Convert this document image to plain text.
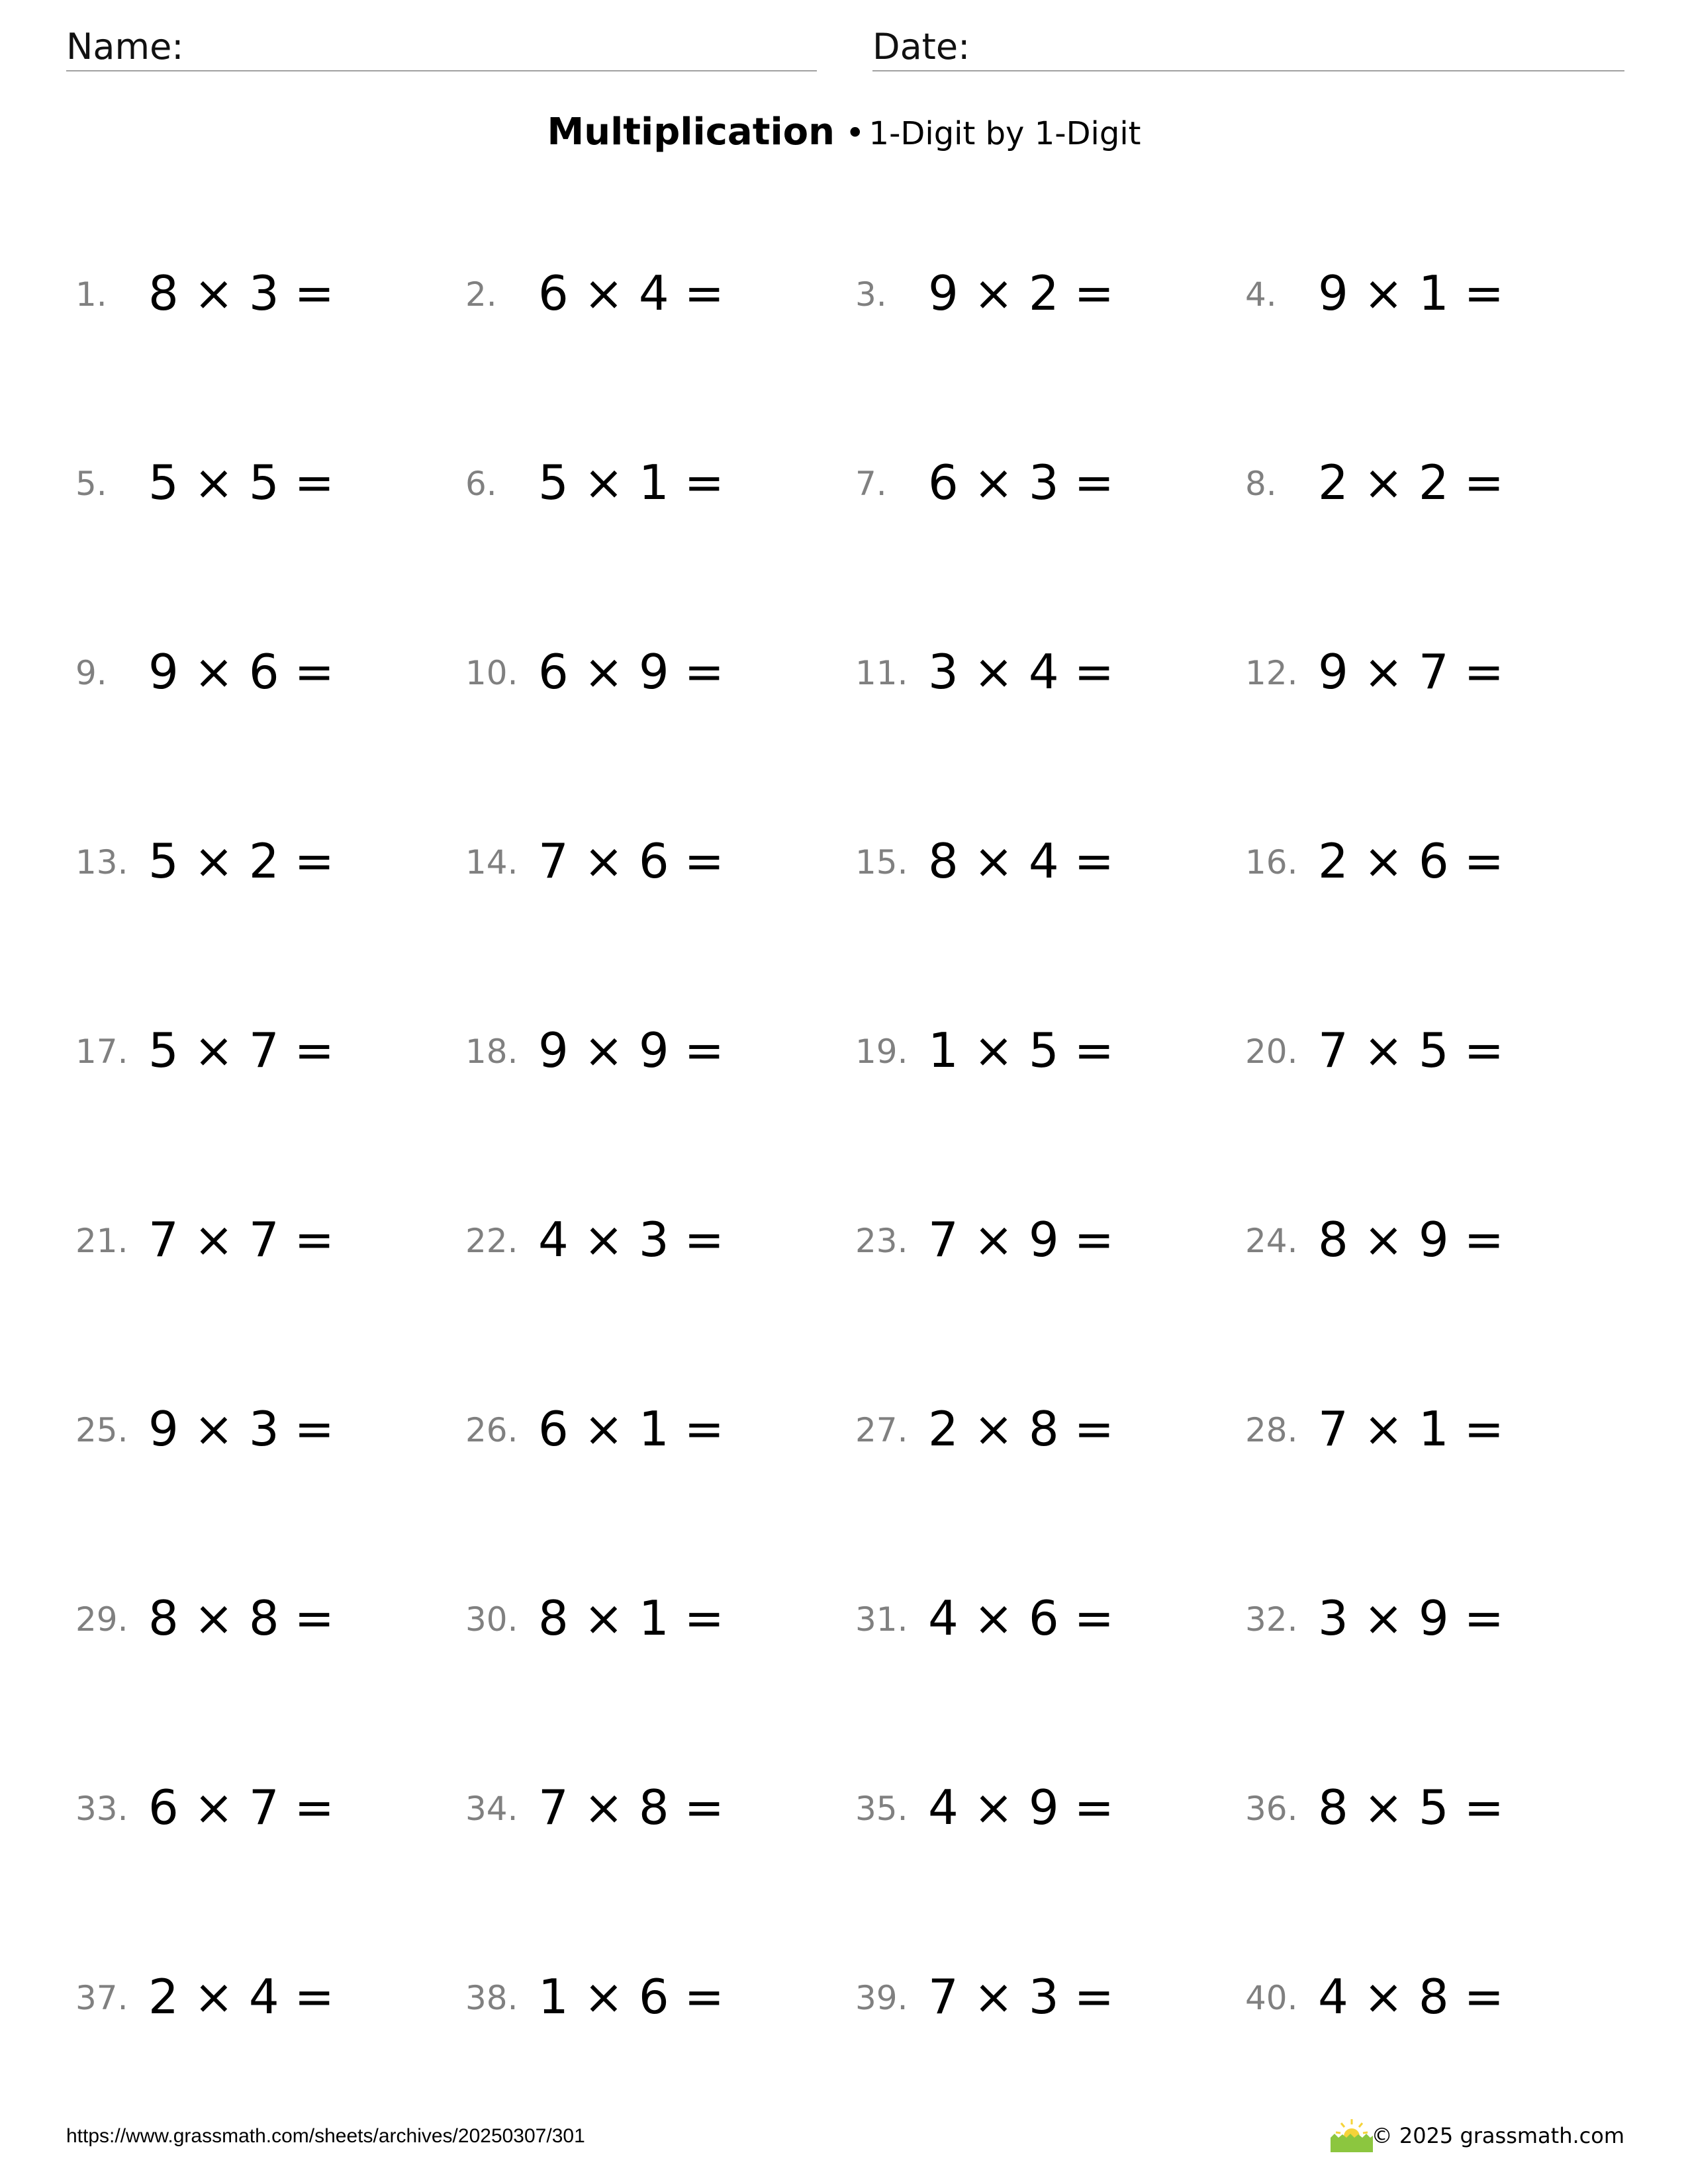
Name:	Date:
Multiplication • 1-Digit by 1-Digit
1. 8 × 3 =	2. 6 × 4 =	3. 9 × 2 =	4. 9 × 1 =
5. 5 × 5 =	6. 5 × 1 =	7. 6 × 3 =	8. 2 × 2 =
9. 9 × 6 =	10. 6 × 9 =	11. 3 × 4 =	12. 9 × 7 =
13. 5 × 2 =	14. 7 × 6 =	15. 8 × 4 =	16. 2 × 6 =
17. 5 × 7 =	18. 9 × 9 =	19. 1 × 5 =	20. 7 × 5 =
21. 7 × 7 =	22. 4 × 3 =	23. 7 × 9 =	24. 8 × 9 =
25. 9 × 3 =	26. 6 × 1 =	27. 2 × 8 =	28. 7 × 1 =
29. 8 × 8 =	30. 8 × 1 =	31. 4 × 6 =	32. 3 × 9 =
33. 6 × 7 =	34. 7 × 8 =	35. 4 × 9 =	36. 8 × 5 =
37. 2 × 4 =	38. 1 × 6 =	39. 7 × 3 =	40. 4 × 8 =
https://www.grassmath.com/sheets/archives/20250307/301	© 2025 grassmath.com
